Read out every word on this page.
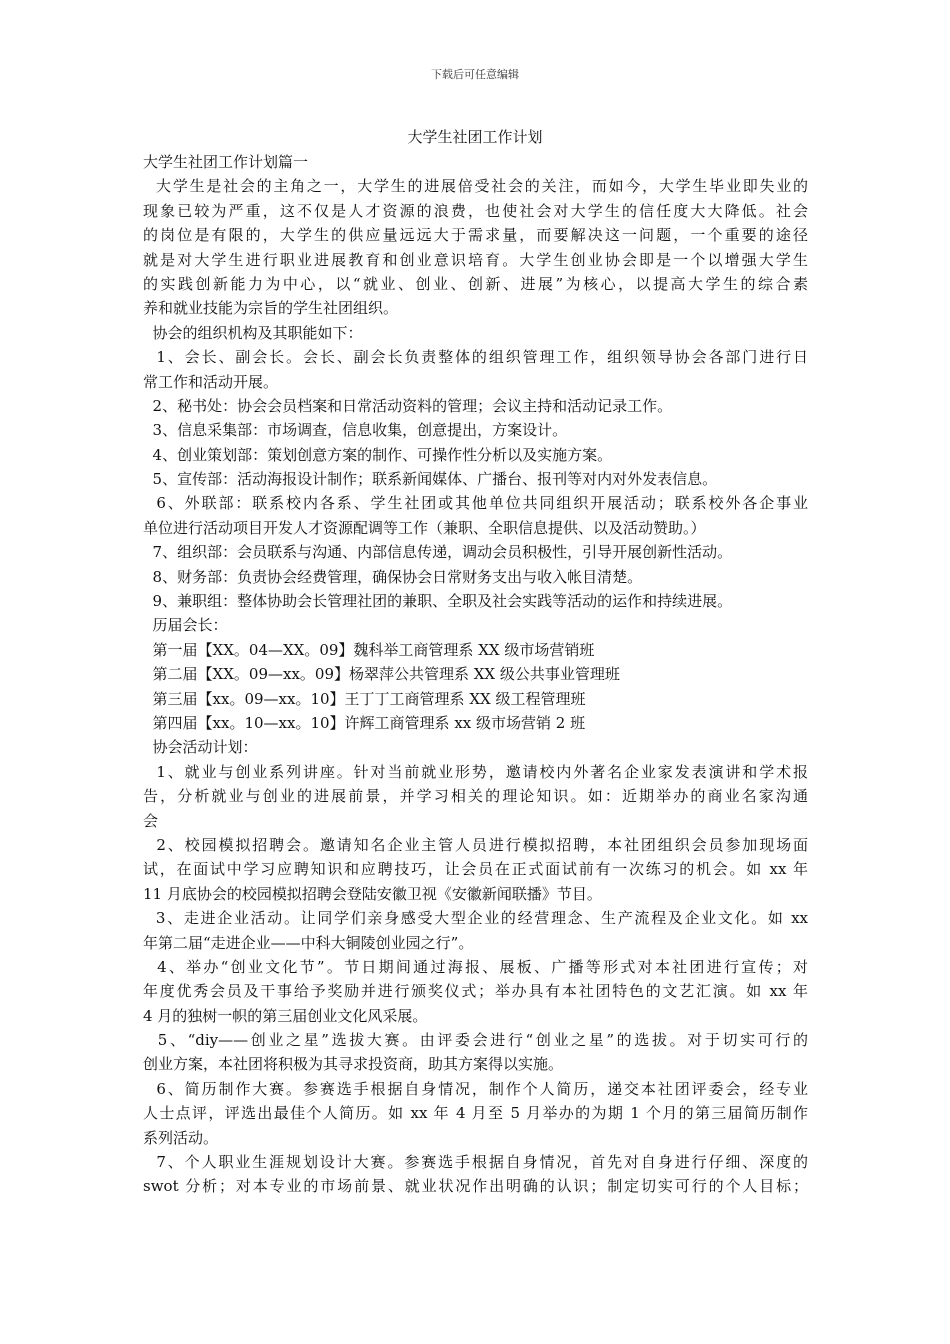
下载后可任意编辑
大学生社团工作计划
大学生社团工作计划篇一
大学生是社会的主角之一，大学生的进展倍受社会的关注，而如今，大学生毕业即失业的
现象已较为严重，这不仅是人才资源的浪费，也使社会对大学生的信任度大大降低。社会
的岗位是有限的，大学生的供应量远远大于需求量，而要解决这一问题，一个重要的途径
就是对大学生进行职业进展教育和创业意识培育。大学生创业协会即是一个以增强大学生
的实践创新能力为中心，以“就业、创业、创新、进展”为核心，以提高大学生的综合素
养和就业技能为宗旨的学生社团组织。
协会的组织机构及其职能如下：
1、会长、副会长。会长、副会长负责整体的组织管理工作，组织领导协会各部门进行日
常工作和活动开展。
2、秘书处：协会会员档案和日常活动资料的管理；会议主持和活动记录工作。
3、信息采集部：市场调查，信息收集，创意提出，方案设计。
4、创业策划部：策划创意方案的制作、可操作性分析以及实施方案。
5、宣传部：活动海报设计制作；联系新闻媒体、广播台、报刊等对内对外发表信息。
6、外联部：联系校内各系、学生社团或其他单位共同组织开展活动；联系校外各企事业
单位进行活动项目开发人才资源配调等工作（兼职、全职信息提供、以及活动赞助。）
7、组织部：会员联系与沟通、内部信息传递，调动会员积极性，引导开展创新性活动。
8、财务部：负责协会经费管理，确保协会日常财务支出与收入帐目清楚。
9、兼职组：整体协助会长管理社团的兼职、全职及社会实践等活动的运作和持续进展。
历届会长：
第一届【XX。04—XX。09】魏科举工商管理系 XX 级市场营销班
第二届【XX。09—xx。09】杨翠萍公共管理系 XX 级公共事业管理班
第三届【xx。09—xx。10】王丁丁工商管理系 XX 级工程管理班
第四届【xx。10—xx。10】许辉工商管理系 xx 级市场营销 2 班
协会活动计划：
1、就业与创业系列讲座。针对当前就业形势，邀请校内外著名企业家发表演讲和学术报
告，分析就业与创业的进展前景，并学习相关的理论知识。如：近期举办的商业名家沟通
会
2、校园模拟招聘会。邀请知名企业主管人员进行模拟招聘，本社团组织会员参加现场面
试，在面试中学习应聘知识和应聘技巧，让会员在正式面试前有一次练习的机会。如 xx 年
11 月底协会的校园模拟招聘会登陆安徽卫视《安徽新闻联播》节目。
3、走进企业活动。让同学们亲身感受大型企业的经营理念、生产流程及企业文化。如 xx
年第二届“走进企业——中科大铜陵创业园之行”。
4、举办“创业文化节”。节日期间通过海报、展板、广播等形式对本社团进行宣传；对
年度优秀会员及干事给予奖励并进行颁奖仪式；举办具有本社团特色的文艺汇演。如 xx 年
4 月的独树一帜的第三届创业文化风采展。
5、“diy——创业之星”选拔大赛。由评委会进行“创业之星”的选拔。对于切实可行的
创业方案，本社团将积极为其寻求投资商，助其方案得以实施。
6、简历制作大赛。参赛选手根据自身情况，制作个人简历，递交本社团评委会，经专业
人士点评，评选出最佳个人简历。如 xx 年 4 月至 5 月举办的为期 1 个月的第三届简历制作
系列活动。
7、个人职业生涯规划设计大赛。参赛选手根据自身情况，首先对自身进行仔细、深度的
swot 分析；对本专业的市场前景、就业状况作出明确的认识；制定切实可行的个人目标；
